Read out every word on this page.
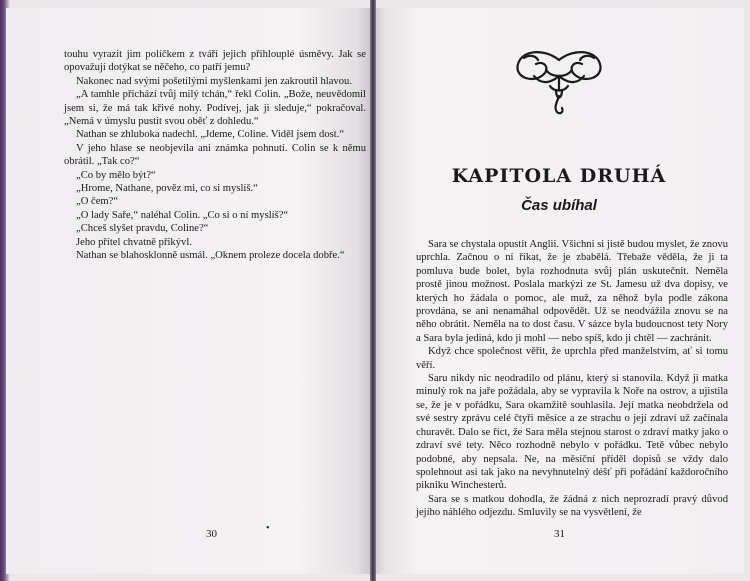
touhu vyrazit jim políčkem z tváří jejich přihlouplé úsměvy. Jak se opovažují dotýkat se něčeho, co patří jemu?

Nakonec nad svými pošetilými myšlenkami jen zakroutil hlavou.

„A tamhle přichází tvůj milý tchán,“ řekl Colin. „Bože, neuvědomil jsem si, že má tak křivé nohy. Podívej, jak ji sleduje,“ pokračoval. „Nemá v úmyslu pustit svou oběť z dohledu.“

Nathan se zhluboka nadechl. „Jdeme, Coline. Viděl jsem dost.“

V jeho hlase se neobjevila ani známka pohnutí. Colin se k němu obrátil. „Tak co?“

„Co by mělo být?“

„Hrome, Nathane, pověz mi, co si myslíš.“

„O čem?“

„O lady Saře,“ naléhal Colin. „Co si o ní myslíš?“

„Chceš slyšet pravdu, Coline?“

Jeho přítel chvatně přikývl.

Nathan se blahosklonně usmál. „Oknem proleze docela dobře.“

•
30
KAPITOLA DRUHÁ
Čas ubíhal

Sara se chystala opustit Anglii. Všichni si jistě budou myslet, že znovu uprchla. Začnou o ní říkat, že je zbabělá. Třebaže věděla, že ji ta pomluva bude bolet, byla rozhodnuta svůj plán uskutečnit. Neměla prostě jinou možnost. Poslala markýzi ze St. Jamesu už dva dopisy, ve kterých ho žádala o pomoc, ale muž, za něhož byla podle zákona provdána, se ani nenamáhal odpovědět. Už se neodvážila znovu se na něho obrátit. Neměla na to dost času. V sázce byla budoucnost tety Nory a Sara byla jediná, kdo ji mohl — nebo spíš, kdo ji chtěl — zachránit.

Když chce společnost věřit, že uprchla před manželstvím, ať si tomu věří.

Saru nikdy nic neodradilo od plánu, který si stanovila. Když ji matka minulý rok na jaře požádala, aby se vypravila k Noře na ostrov, a ujistila se, že je v pořádku, Sara okamžitě souhlasila. Její matka neobdržela od své sestry zprávu celé čtyři měsíce a ze strachu o její zdraví už začínala churavět. Dalo se říct, že Sara měla stejnou starost o zdraví matky jako o zdraví své tety. Něco rozhodně nebylo v pořádku. Tetě vůbec nebylo podobné, aby nepsala. Ne, na měsíční příděl dopisů se vždy dalo spolehnout asi tak jako na nevyhnutelný déšť při pořádání každoročního pikniku Winchesterů.

Sara se s matkou dohodla, že žádná z nich neprozradí pravý důvod jejího náhlého odjezdu. Smluvily se na vysvětlení, že

31
